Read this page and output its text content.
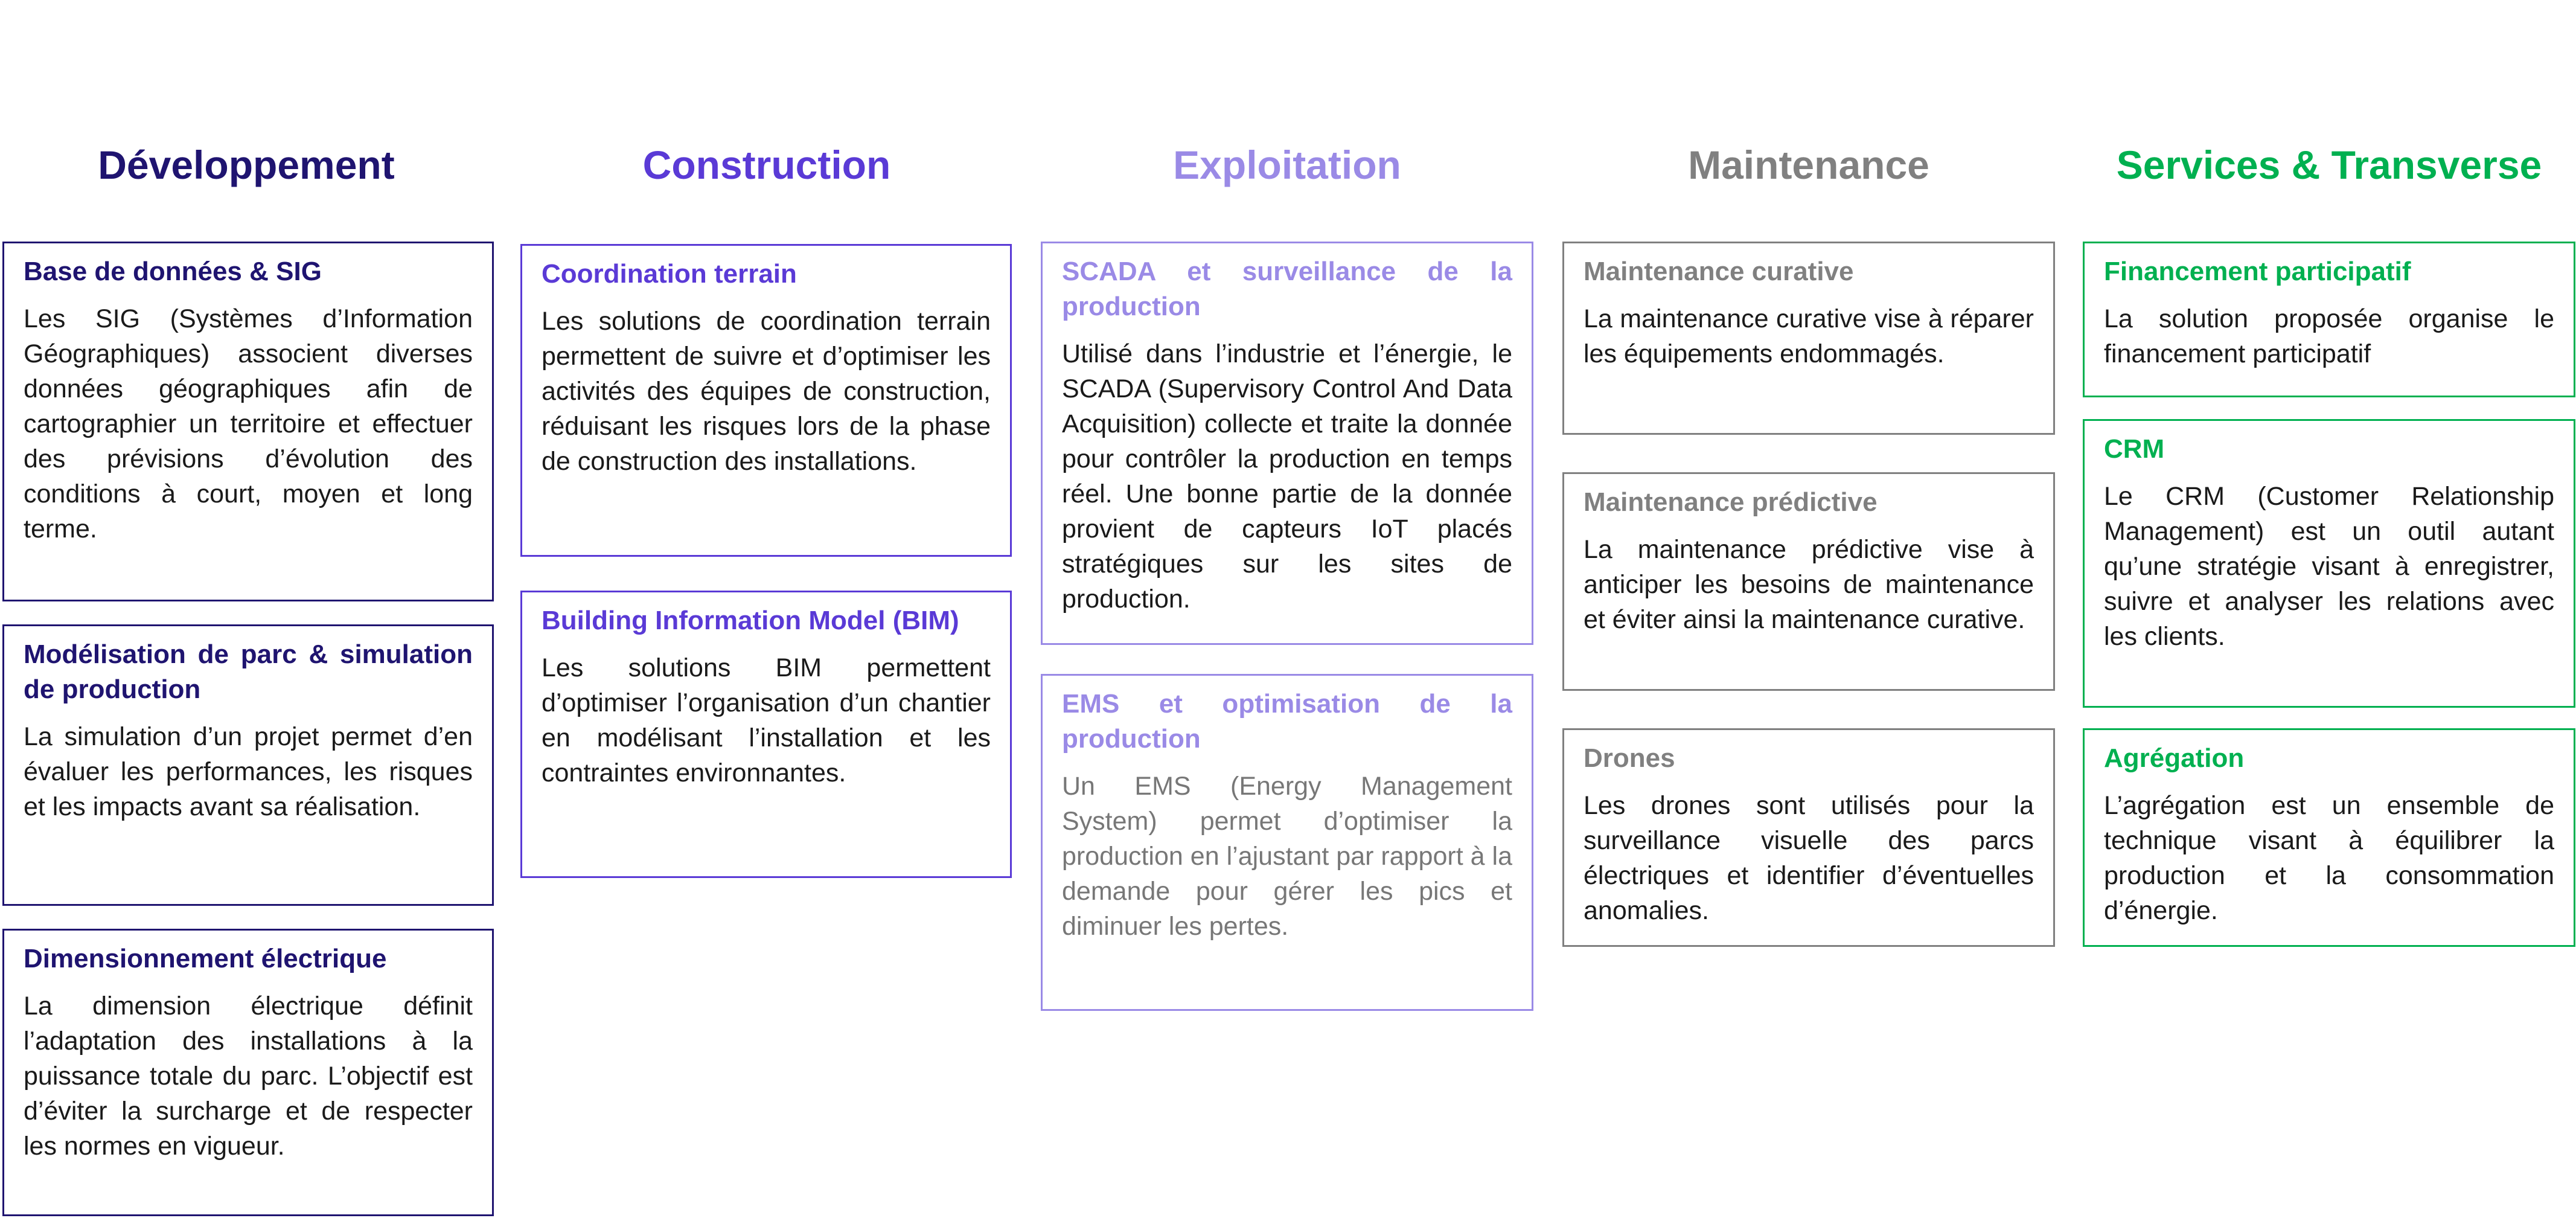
Développement	Construction	Exploitation	Maintenance	Services & Transverse
Base de données & SIG
Les SIG (Systèmes d’Information Géographiques) associent diverses données géographiques afin de cartographier un territoire et effectuer des prévisions d’évolution des conditions à court, moyen et long terme.
Modélisation de parc & simulation de production
La simulation d’un projet permet d’en évaluer les performances, les risques et les impacts avant sa réalisation.
Dimensionnement électrique
La dimension électrique définit l’adaptation des installations à la puissance totale du parc. L’objectif est d’éviter la surcharge et de respecter les normes en vigueur.
Coordination terrain
Les solutions de coordination terrain permettent de suivre et d’optimiser les activités des équipes de construction, réduisant les risques lors de la phase de construction des installations.
Building Information Model (BIM)
Les solutions BIM permettent d’optimiser l’organisation d’un chantier en modélisant l’installation et les contraintes environnantes.
SCADA et surveillance de la production
Utilisé dans l’industrie et l’énergie, le SCADA (Supervisory Control And Data Acquisition) collecte et traite la donnée pour contrôler la production en temps réel. Une bonne partie de la donnée provient de capteurs IoT placés stratégiques sur les sites de production.
EMS et optimisation de la production
Un EMS (Energy Management System) permet d’optimiser la production en l’ajustant par rapport à la demande pour gérer les pics et diminuer les pertes.
Maintenance curative
La maintenance curative vise à réparer les équipements endommagés.
Maintenance prédictive
La maintenance prédictive vise à anticiper les besoins de maintenance et éviter ainsi la maintenance curative.
Drones
Les drones sont utilisés pour la surveillance visuelle des parcs électriques et identifier d’éventuelles anomalies.
Financement participatif
La solution proposée organise le financement participatif
CRM
Le CRM (Customer Relationship Management) est un outil autant qu’une stratégie visant à enregistrer, suivre et analyser les relations avec les clients.
Agrégation
L’agrégation est un ensemble de technique visant à équilibrer la production et la consommation d’énergie.
